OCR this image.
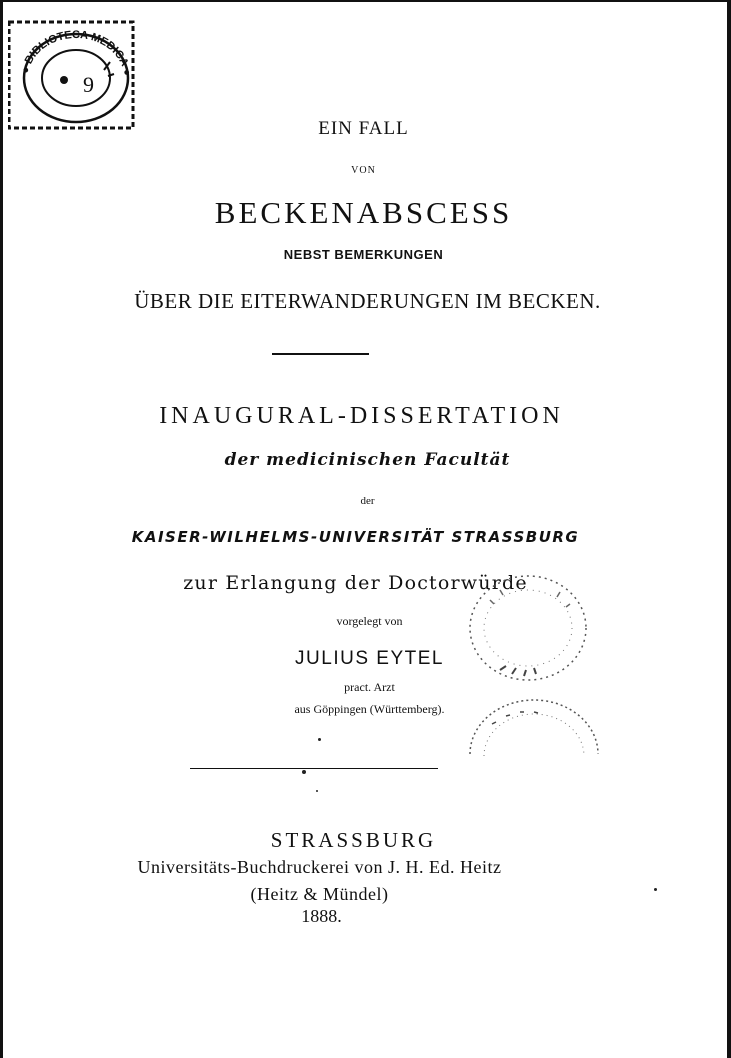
● BIBLIOTECA MEDICA ●
9
EIN FALL
VON
BECKENABSCESS
NEBST BEMERKUNGEN
ÜBER DIE EITERWANDERUNGEN IM BECKEN.
INAUGURAL-DISSERTATION
der medicinischen Facultät
der
KAISER-WILHELMS-UNIVERSITÄT STRASSBURG
zur Erlangung der Doctorwürde
vorgelegt von
JULIUS EYTEL
pract. Arzt
aus Göppingen (Württemberg).
STRASSBURG
Universitäts-Buchdruckerei von J. H. Ed. Heitz
(Heitz & Mündel)
1888.
